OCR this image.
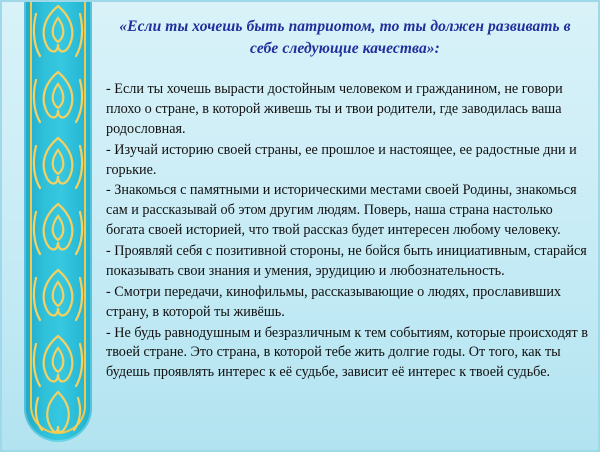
«Если ты хочешь быть патриотом, то ты должен развивать в себе следующие качества»:

- Если ты хочешь вырасти достойным человеком и гражданином, не говори плохо о стране, в которой живешь ты и твои родители, где заводилась ваша родословная.

- Изучай историю своей страны, ее прошлое и настоящее, ее радостные дни и горькие.

- Знакомься с памятными и историческими местами своей Родины, знакомься сам и рассказывай об этом другим людям. Поверь, наша страна настолько богата своей историей, что твой рассказ будет интересен любому человеку.

- Проявляй себя с позитивной стороны, не бойся быть инициативным, старайся показывать свои знания и умения, эрудицию и любознательность.

- Смотри передачи, кинофильмы, рассказывающие о людях, прославивших страну, в которой ты живёшь.

- Не будь равнодушным и безразличным к тем событиям, которые происходят в твоей стране. Это страна, в которой тебе жить долгие годы. От того, как ты будешь проявлять интерес к её судьбе, зависит её интерес к твоей судьбе.
